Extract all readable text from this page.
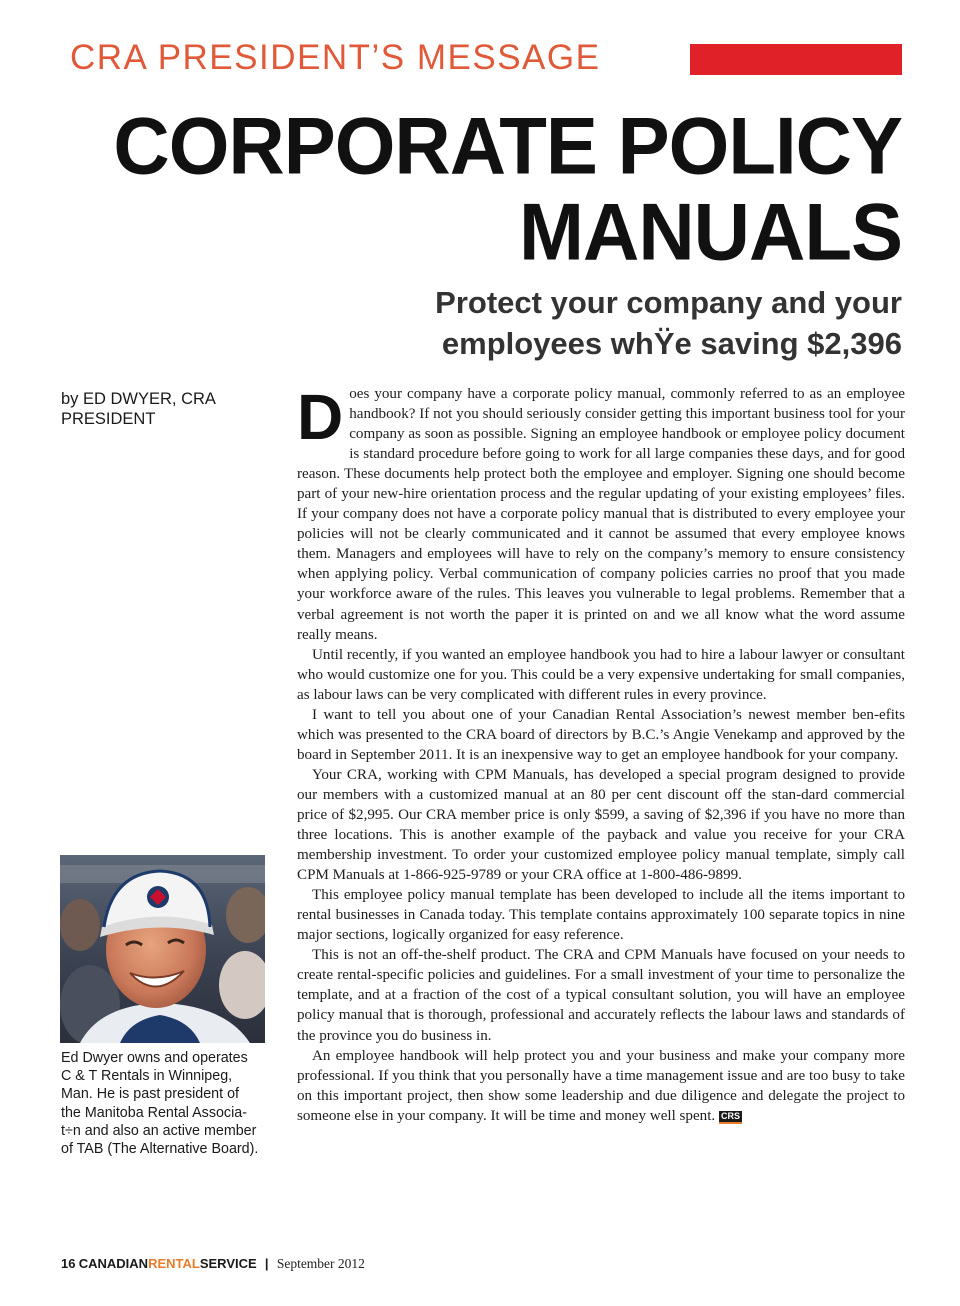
CRA PRESIDENT’S MESSAGE
CORPORATE POLICY
MANUALS
Protect your company and your
employees whŸe saving $2,396
by ED DWYER, CRA PRESIDENT
Ed Dwyer owns and operates
C & T Rentals in Winnipeg,
Man. He is past president of
the Manitoba Rental Associa-
t÷n and also an active member
of TAB (The Alternative Board).

Does your company have a corporate policy manual, commonly referred to as an employee handbook? If not you should seriously consider getting this important business tool for your company as soon as possible. Signing an employee handbook or employee policy document is standard procedure before going to work for all large companies these days, and for good reason. These documents help protect both the employee and employer. Signing one should become part of your new-hire orientation process and the regular updating of your existing employees’ files. If your company does not have a corporate policy manual that is distributed to every employee your policies will not be clearly communicated and it cannot be assumed that every employee knows them. Managers and employees will have to rely on the company’s memory to ensure consistency when applying policy. Verbal communication of company policies carries no proof that you made your workforce aware of the rules. This leaves you vulnerable to legal problems. Remember that a verbal agreement is not worth the paper it is printed on and we all know what the word assume really means.

Until recently, if you wanted an employee handbook you had to hire a labour lawyer or consultant who would customize one for you. This could be a very expensive undertaking for small companies, as labour laws can be very complicated with different rules in every province.

I want to tell you about one of your Canadian Rental Association’s newest member ben-efits which was presented to the CRA board of directors by B.C.’s Angie Venekamp and approved by the board in September 2011. It is an inexpensive way to get an employee handbook for your company.

Your CRA, working with CPM Manuals, has developed a special program designed to provide our members with a customized manual at an 80 per cent discount off the stan-dard commercial price of $2,995. Our CRA member price is only $599, a saving of $2,396 if you have no more than three locations. This is another example of the payback and value you receive for your CRA membership investment. To order your customized employee policy manual template, simply call CPM Manuals at 1-866-925-9789 or your CRA office at 1-800-486-9899.

This employee policy manual template has been developed to include all the items important to rental businesses in Canada today. This template contains approximately 100 separate topics in nine major sections, logically organized for easy reference.

This is not an off-the-shelf product. The CRA and CPM Manuals have focused on your needs to create rental-specific policies and guidelines. For a small investment of your time to personalize the template, and at a fraction of the cost of a typical consultant solution, you will have an employee policy manual that is thorough, professional and accurately reflects the labour laws and standards of the province you do business in.

An employee handbook will help protect you and your business and make your company more professional. If you think that you personally have a time management issue and are too busy to take on this important project, then show some leadership and due diligence and delegate the project to someone else in your company. It will be time and money well spent. CRS

16 CANADIANRENTALSERVICE | September 2012
